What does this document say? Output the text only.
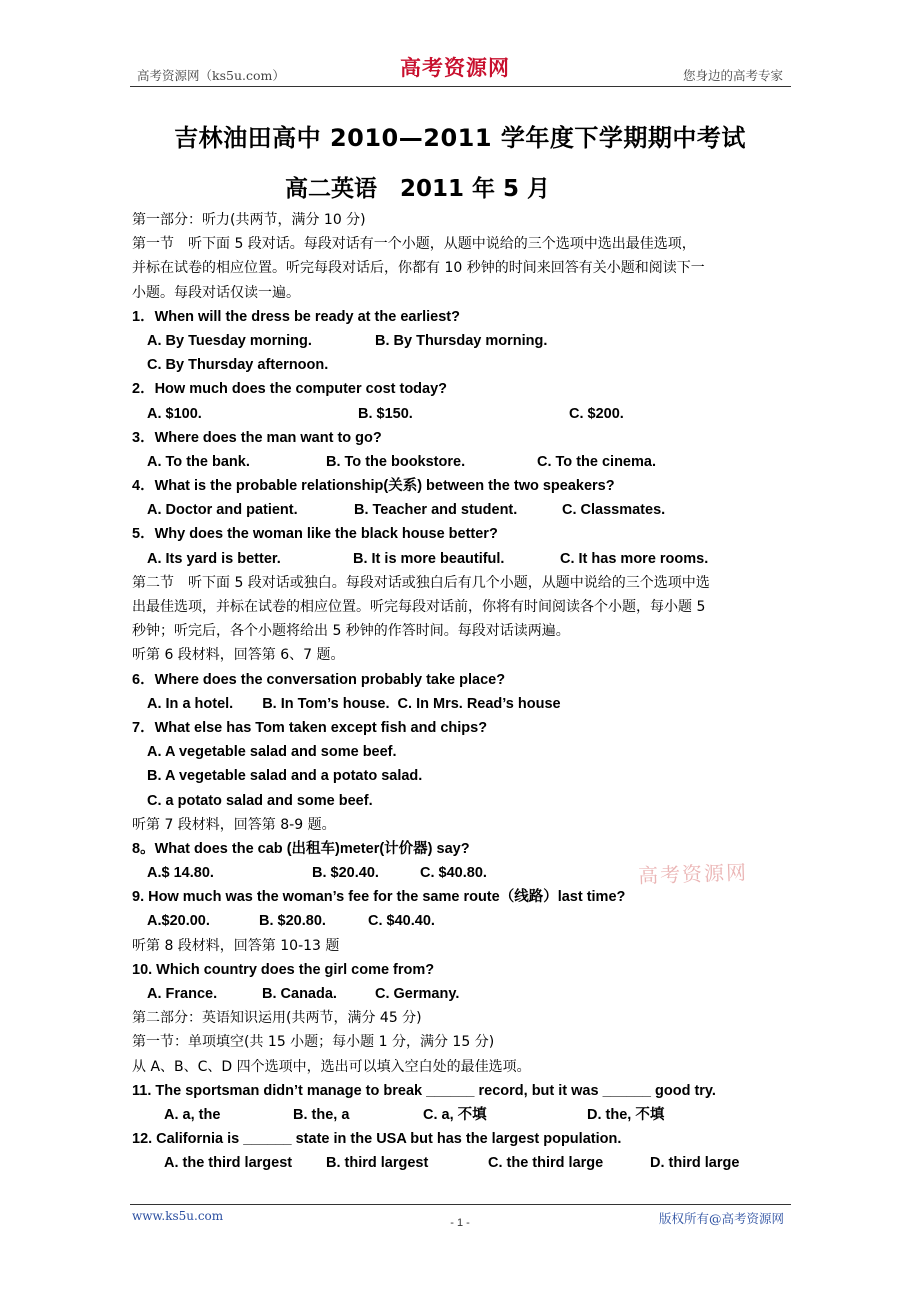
高考资源网（ks5u.com）	高考资源网	您身边的高考专家
吉林油田高中 2010—2011 学年度下学期期中考试
高二英语　2011 年 5 月
第一部分：听力(共两节，满分 10 分)
第一节　听下面 5 段对话。每段对话有一个小题，从题中说给的三个选项中选出最佳选项，
并标在试卷的相应位置。听完每段对话后，你都有 10 秒钟的时间来回答有关小题和阅读下一
小题。每段对话仅读一遍。
1．When will the dress be ready at the earliest?
A. By Tuesday morning.	B. By Thursday morning.
C. By Thursday afternoon.
2．How much does the computer cost today?
A. $100.	B. $150.	C. $200.
3．Where does the man want to go?
A. To the bank.	B. To the bookstore.	C. To the cinema.
4．What is the probable relationship(关系) between the two speakers?
A. Doctor and patient.	B. Teacher and student.	C. Classmates.
5．Why does the woman like the black house better?
A. Its yard is better.	B. It is more beautiful.	C. It has more rooms.
第二节　听下面 5 段对话或独白。每段对话或独白后有几个小题，从题中说给的三个选项中选
出最佳选项，并标在试卷的相应位置。听完每段对话前，你将有时间阅读各个小题，每小题 5
秒钟；听完后，各个小题将给出 5 秒钟的作答时间。每段对话读两遍。
听第 6 段材料，回答第 6、7 题。
6．Where does the conversation probably take place?
A. In a hotel.　　B. In Tom’s house.  C. In Mrs. Read’s house
7．What else has Tom taken except fish and chips?
A. A vegetable salad and some beef.
B. A vegetable salad and a potato salad.
C. a potato salad and some beef.
听第 7 段材料，回答第 8-9 题。
8。What does the cab (出租车)meter(计价器) say?
A.$ 14.80.	B. $20.40.	C. $40.80.
9. How much was the woman’s fee for the same route（线路）last time?
A.$20.00.	B. $20.80.	C. $40.40.
听第 8 段材料，回答第 10-13 题
10. Which country does the girl come from?
A. France.	B. Canada.	C. Germany.
第二部分：英语知识运用(共两节，满分 45 分)
第一节：单项填空(共 15 小题；每小题 1 分，满分 15 分)
从 A、B、C、D 四个选项中，选出可以填入空白处的最佳选项。
11. The sportsman didn’t manage to break ______ record, but it was ______ good try.
A. a, the	B. the, a	C. a, 不填	D. the, 不填
12. California is ______ state in the USA but has the largest population.
A. the third largest B. third largest	C. the third large	D. third large
高考资源网
www.ks5u.com	- 1 -	版权所有@高考资源网
